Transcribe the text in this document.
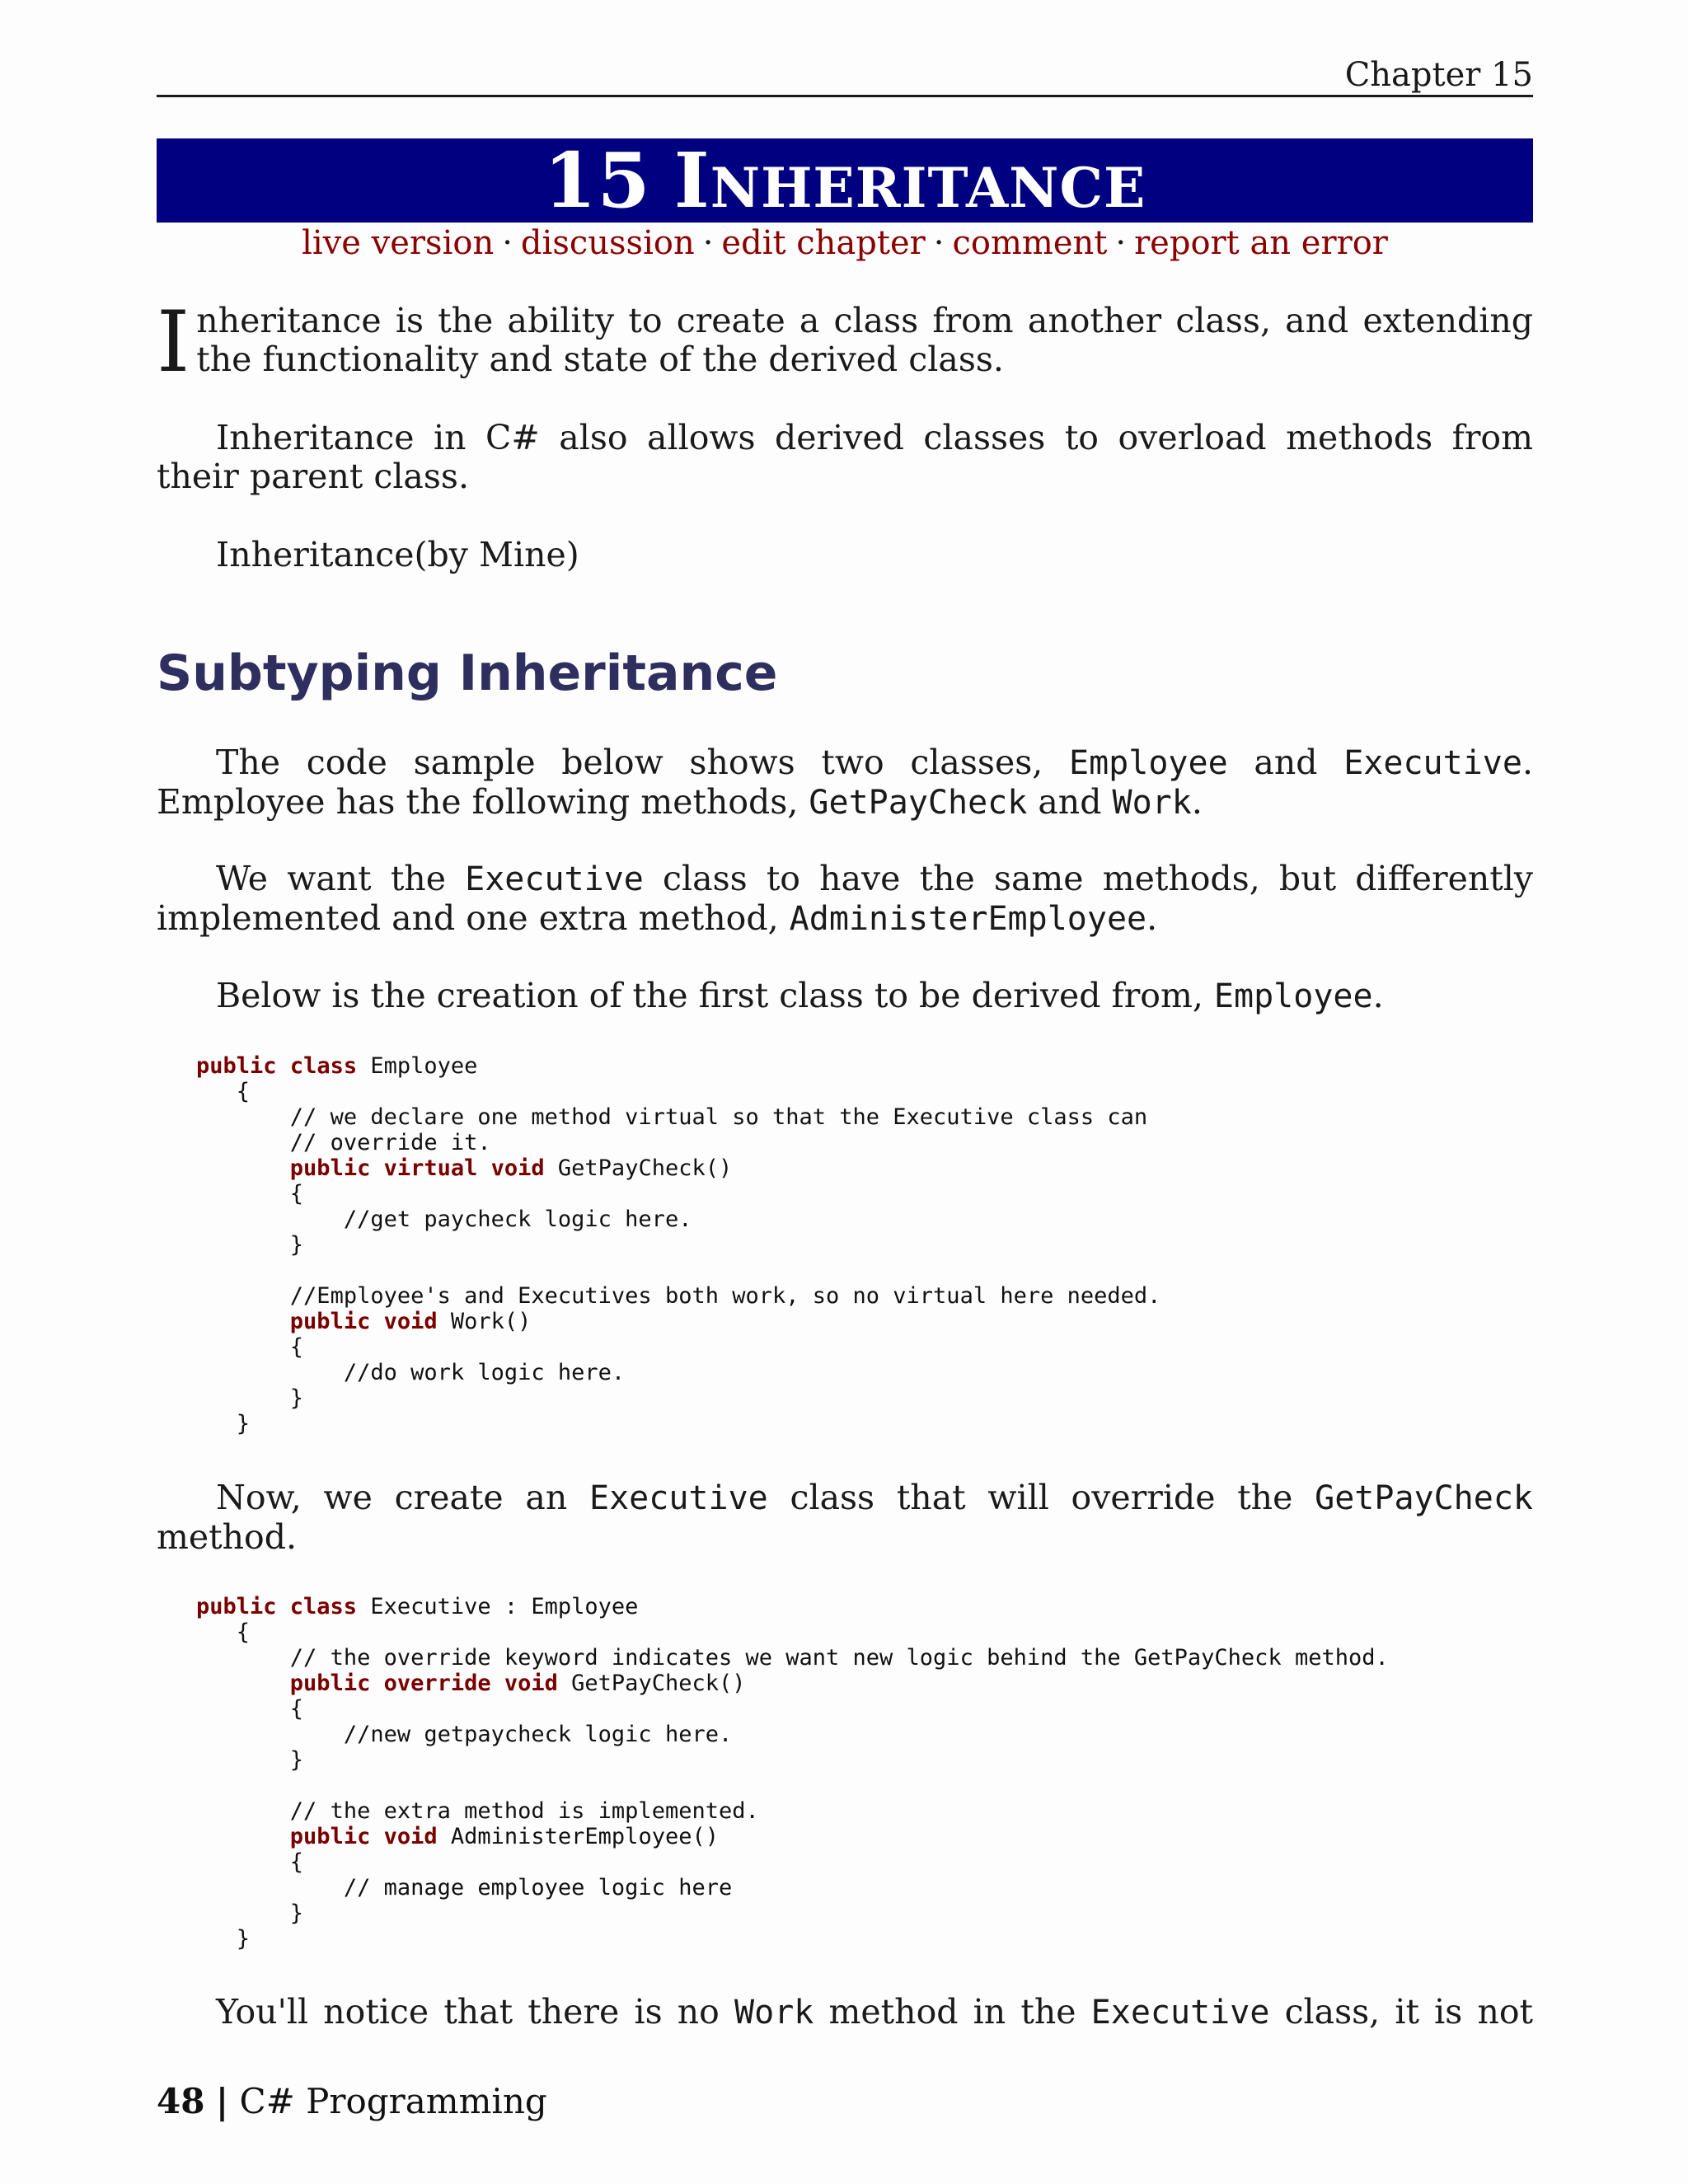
Chapter 15
15 INHERITANCE
live version · discussion · edit chapter · comment · report an error
Inheritance is the ability to create a class from another class, and extending the functionality and state of the derived class.
Inheritance in C# also allows derived classes to overload methods from their parent class.
Inheritance(by Mine)
Subtyping Inheritance
The code sample below shows two classes, Employee and Executive. Employee has the following methods, GetPayCheck and Work.
We want the Executive class to have the same methods, but differently implemented and one extra method, AdministerEmployee.
Below is the creation of the first class to be derived from, Employee.
public class Employee
{
// we declare one method virtual so that the Executive class can
// override it.
public virtual void GetPayCheck()
{
//get paycheck logic here.
}

//Employee's and Executives both work, so no virtual here needed.
public void Work()
{
//do work logic here.
}
}
Now, we create an Executive class that will override the GetPayCheck method.
public class Executive : Employee
{
// the override keyword indicates we want new logic behind the GetPayCheck method.
public override void GetPayCheck()
{
//new getpaycheck logic here.
}

// the extra method is implemented.
public void AdministerEmployee()
{
// manage employee logic here
}
}
You'll notice that there is no Work method in the Executive class, it is not
48 | C# Programming
